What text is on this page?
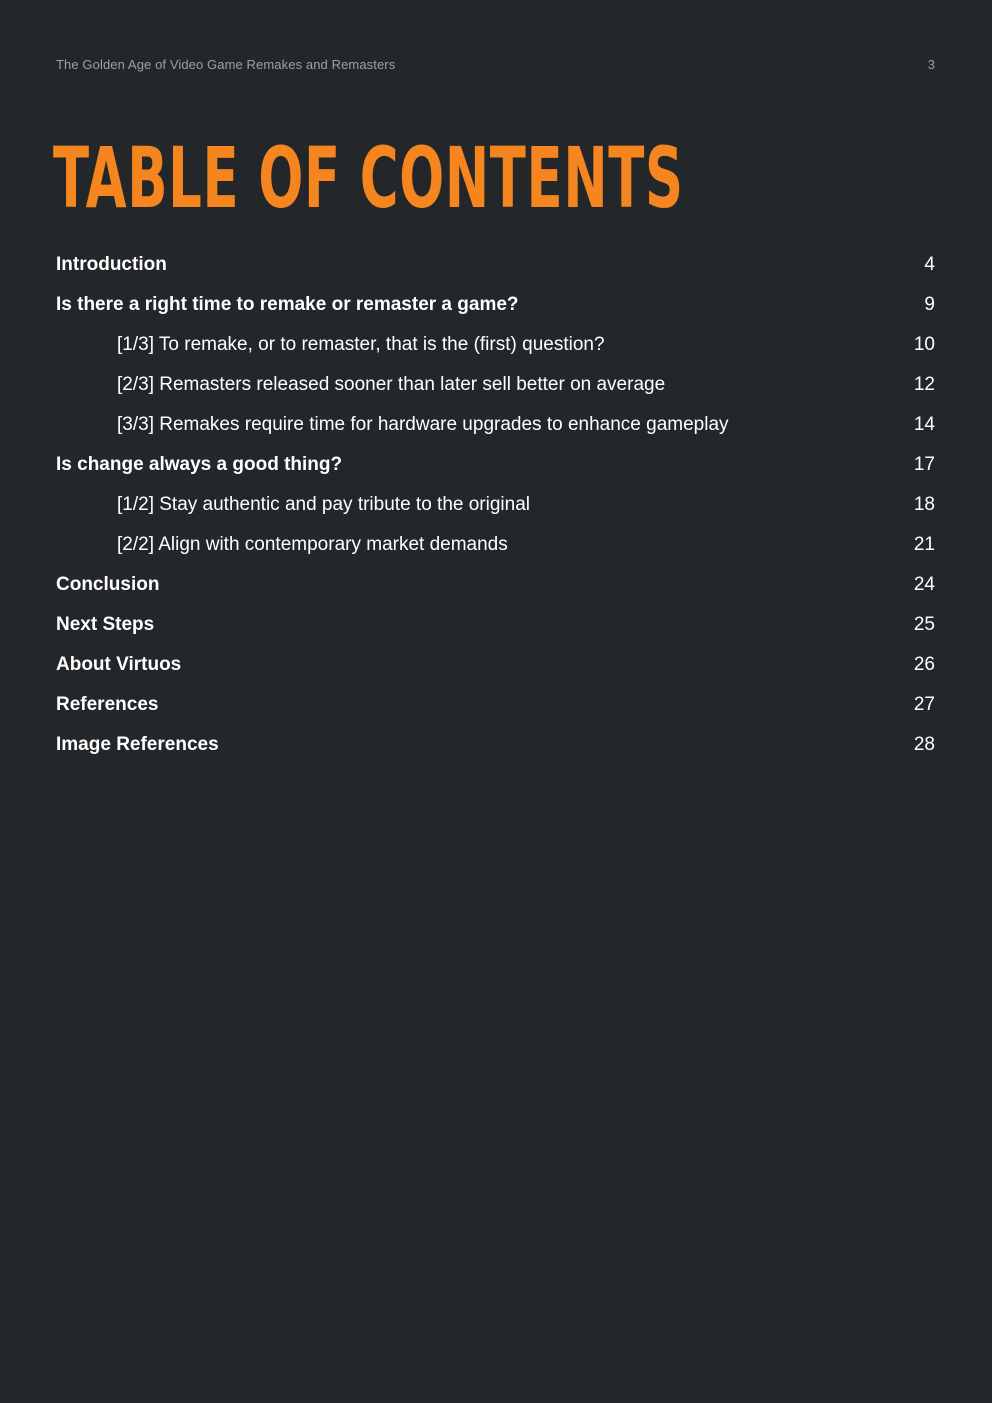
The Golden Age of Video Game Remakes and Remasters	3
TABLE OF CONTENTS
Introduction	4
Is there a right time to remake or remaster a game?	9
[1/3] To remake, or to remaster, that is the (ﬁrst) question?	10
[2/3] Remasters released sooner than later sell better on average	12
[3/3] Remakes require time for hardware upgrades to enhance gameplay	14
Is change always a good thing?	17
[1/2] Stay authentic and pay tribute to the original	18
[2/2] Align with contemporary market demands	21
Conclusion	24
Next Steps	25
About Virtuos	26
References	27
Image References	28
